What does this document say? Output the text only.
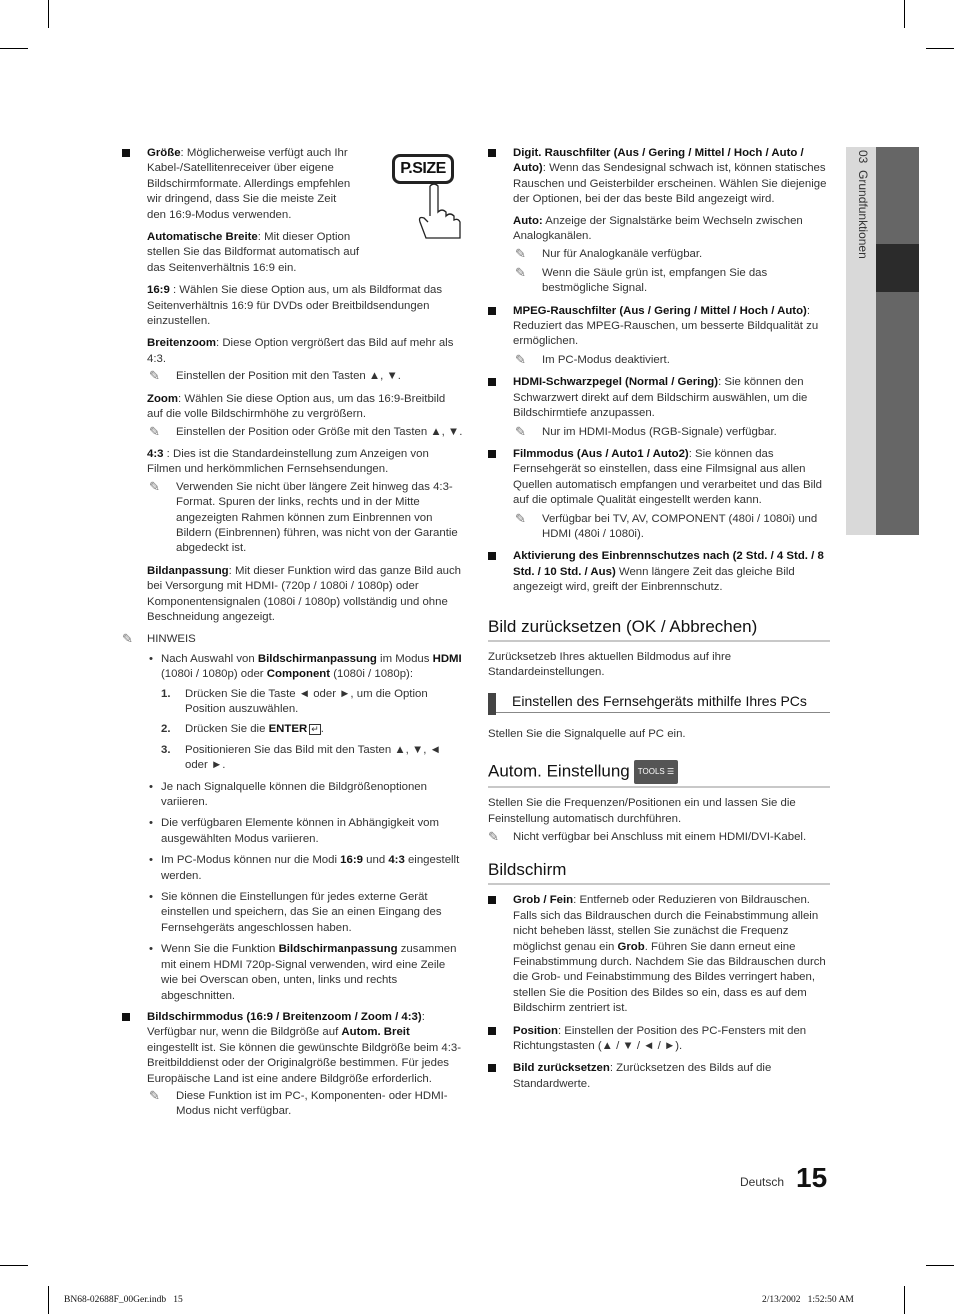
03  Grundfunktionen
Größe: Möglicherweise verfügt auch Ihr Kabel-/Satellitenreceiver über eigene Bildschirmformate. Allerdings empfehlen wir dringend, dass Sie die meiste Zeit den 16:9-Modus verwenden.
P.SIZE

Automatische Breite: Mit dieser Option stellen Sie das Bildformat automatisch auf das Seitenverhältnis 16:9 ein.

16:9 : Wählen Sie diese Option aus, um als Bildformat das Seitenverhältnis 16:9 für DVDs oder Breitbildsendungen einzustellen.

Breitenzoom: Diese Option vergrößert das Bild auf mehr als 4:3.

✎ Einstellen der Position mit den Tasten ▲, ▼.

Zoom: Wählen Sie diese Option aus, um das 16:9-Breitbild auf die volle Bildschirmhöhe zu vergrößern.

✎ Einstellen der Position oder Größe mit den Tasten ▲, ▼.

4:3 : Dies ist die Standardeinstellung zum Anzeigen von Filmen und herkömmlichen Fernsehsendungen.

✎ Verwenden Sie nicht über längere Zeit hinweg das 4:3-Format. Spuren der links, rechts und in der Mitte angezeigten Rahmen können zum Einbrennen von Bildern (Einbrennen) führen, was nicht von der Garantie abgedeckt ist.

Bildanpassung: Mit dieser Funktion wird das ganze Bild auch bei Versorgung mit HDMI- (720p / 1080i / 1080p) oder Komponentensignalen (1080i / 1080p) vollständig und ohne Beschneidung angezeigt.

✎ HINWEIS
• Nach Auswahl von Bildschirmanpassung im Modus HDMI (1080i / 1080p) oder Component (1080i / 1080p):
1. Drücken Sie die Taste ◄ oder ►, um die Option Position auszuwählen.
2. Drücken Sie die ENTER ↵ .
3. Positionieren Sie das Bild mit den Tasten ▲, ▼, ◄ oder ►.
• Je nach Signalquelle können die Bildgrößenoptionen variieren.
• Die verfügbaren Elemente können in Abhängigkeit vom ausgewählten Modus variieren.
• Im PC-Modus können nur die Modi 16:9 und 4:3 eingestellt werden.
• Sie können die Einstellungen für jedes externe Gerät einstellen und speichern, das Sie an einen Eingang des Fernsehgeräts angeschlossen haben.
• Wenn Sie die Funktion Bildschirmanpassung zusammen mit einem HDMI 720p-Signal verwenden, wird eine Zeile wie bei Overscan oben, unten, links und rechts abgeschnitten.
Bildschirmmodus (16:9 / Breitenzoom / Zoom / 4:3): Verfügbar nur, wenn die Bildgröße auf Autom. Breit eingestellt ist. Sie können die gewünschte Bildgröße beim 4:3-Breitbilddienst oder der Originalgröße bestimmen. Für jedes Europäische Land ist eine andere Bildgröße erforderlich.
✎ Diese Funktion ist im PC-, Komponenten- oder HDMI-Modus nicht verfügbar.
Digit. Rauschfilter (Aus / Gering / Mittel / Hoch / Auto / Auto): Wenn das Sendesignal schwach ist, können statisches Rauschen und Geisterbilder erscheinen. Wählen Sie diejenige der Optionen, bei der das beste Bild angezeigt wird.

Auto: Anzeige der Signalstärke beim Wechseln zwischen Analogkanälen.

✎ Nur für Analogkanäle verfügbar.
✎ Wenn die Säule grün ist, empfangen Sie das bestmögliche Signal.
MPEG-Rauschfilter (Aus / Gering / Mittel / Hoch / Auto): Reduziert das MPEG-Rauschen, um besserte Bildqualität zu ermöglichen.
✎ Im PC-Modus deaktiviert.
HDMI-Schwarzpegel (Normal / Gering): Sie können den Schwarzwert direkt auf dem Bildschirm auswählen, um die Bildschirmtiefe anzupassen.
✎ Nur im HDMI-Modus (RGB-Signale) verfügbar.
Filmmodus (Aus / Auto1 / Auto2): Sie können das Fernsehgerät so einstellen, dass eine Filmsignal aus allen Quellen automatisch empfangen und verarbeitet und das Bild auf die optimale Qualität eingestellt werden kann.
✎ Verfügbar bei TV, AV, COMPONENT (480i / 1080i) und HDMI (480i / 1080i).
Aktivierung des Einbrennschutzes nach (2 Std. / 4 Std. / 8 Std. / 10 Std. / Aus) Wenn längere Zeit das gleiche Bild angezeigt wird, greift der Einbrennschutz.
Bild zurücksetzen (OK / Abbrechen)

Zurücksetzeb Ihres aktuellen Bildmodus auf ihre Standardeinstellungen.

Einstellen des Fernsehgeräts mithilfe Ihres PCs

Stellen Sie die Signalquelle auf PC ein.

Autom. Einstellung TOOLS ☰

Stellen Sie die Frequenzen/Positionen ein und lassen Sie die Feinstellung automatisch durchführen.

✎ Nicht verfügbar bei Anschluss mit einem HDMI/DVI-Kabel.
Bildschirm
Grob / Fein: Entferneb oder Reduzieren von Bildrauschen. Falls sich das Bildrauschen durch die Feinabstimmung allein nicht beheben lässt, stellen Sie zunächst die Frequenz möglichst genau ein Grob. Führen Sie dann erneut eine Feinabstimmung durch. Nachdem Sie das Bildrauschen durch die Grob- und Feinabstimmung des Bildes verringert haben, stellen Sie die Position des Bildes so ein, dass es auf dem Bildschirm zentriert ist.
Position: Einstellen der Position des PC-Fensters mit den Richtungstasten (▲ / ▼ / ◄ / ►).
Bild zurücksetzen: Zurücksetzen des Bilds auf die Standardwerte.
Deutsch 15
BN68-02688F_00Ger.indb   15	2/13/2002   1:52:50 AM
